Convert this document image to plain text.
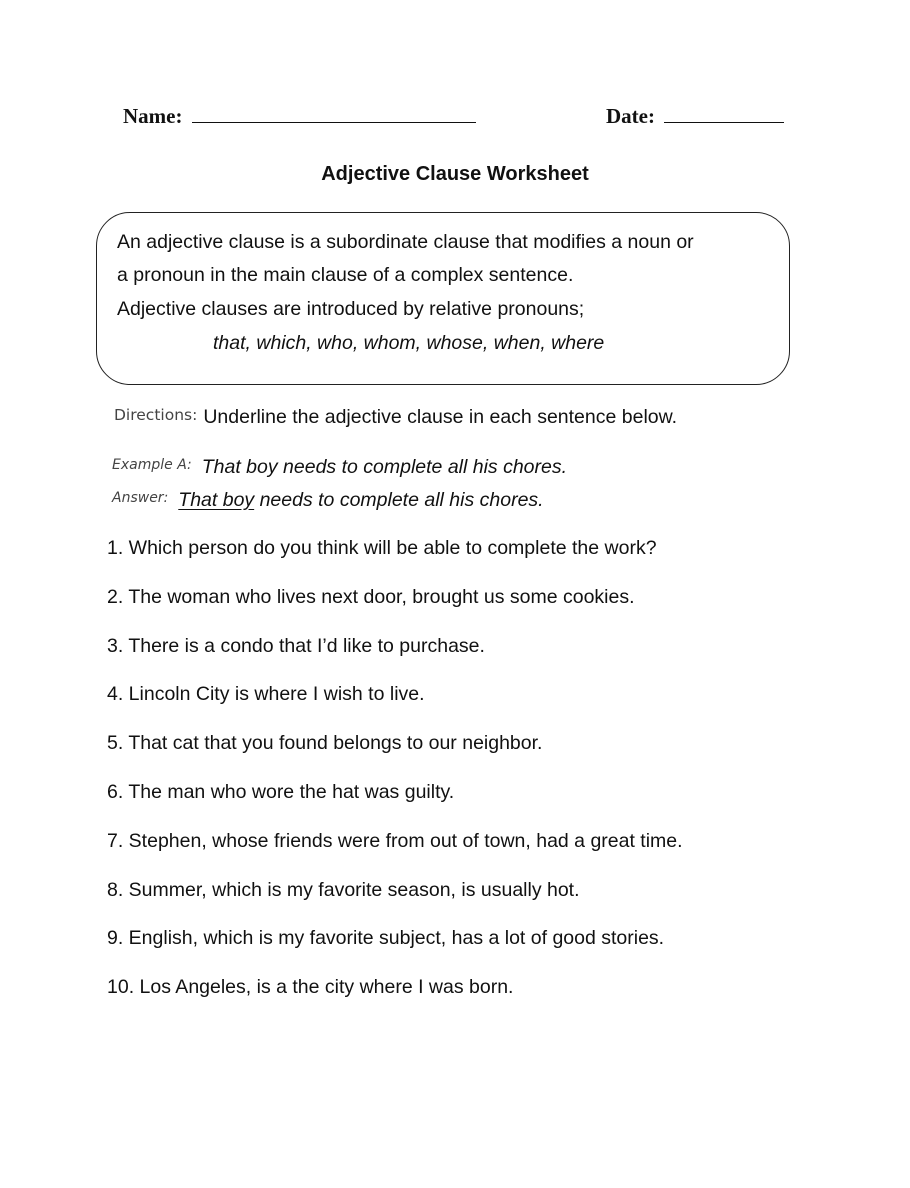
Name:	Date:
Adjective Clause Worksheet
An adjective clause is a subordinate clause that modifies a noun or
a pronoun in the main clause of a complex sentence.
Adjective clauses are introduced by relative pronouns;
that, which, who, whom, whose, when, where
Directions: Underline the adjective clause in each sentence below.
$^{Example A:}$ That boy needs to complete all his chores.
$^{Answer:}$ That boy needs to complete all his chores.
1. Which person do you think will be able to complete the work?
2. The woman who lives next door, brought us some cookies.
3. There is a condo that I’d like to purchase.
4. Lincoln City is where I wish to live.
5. That cat that you found belongs to our neighbor.
6. The man who wore the hat was guilty.
7. Stephen, whose friends were from out of town, had a great time.
8. Summer, which is my favorite season, is usually hot.
9. English, which is my favorite subject, has a lot of good stories.
10. Los Angeles, is a the city where I was born.
